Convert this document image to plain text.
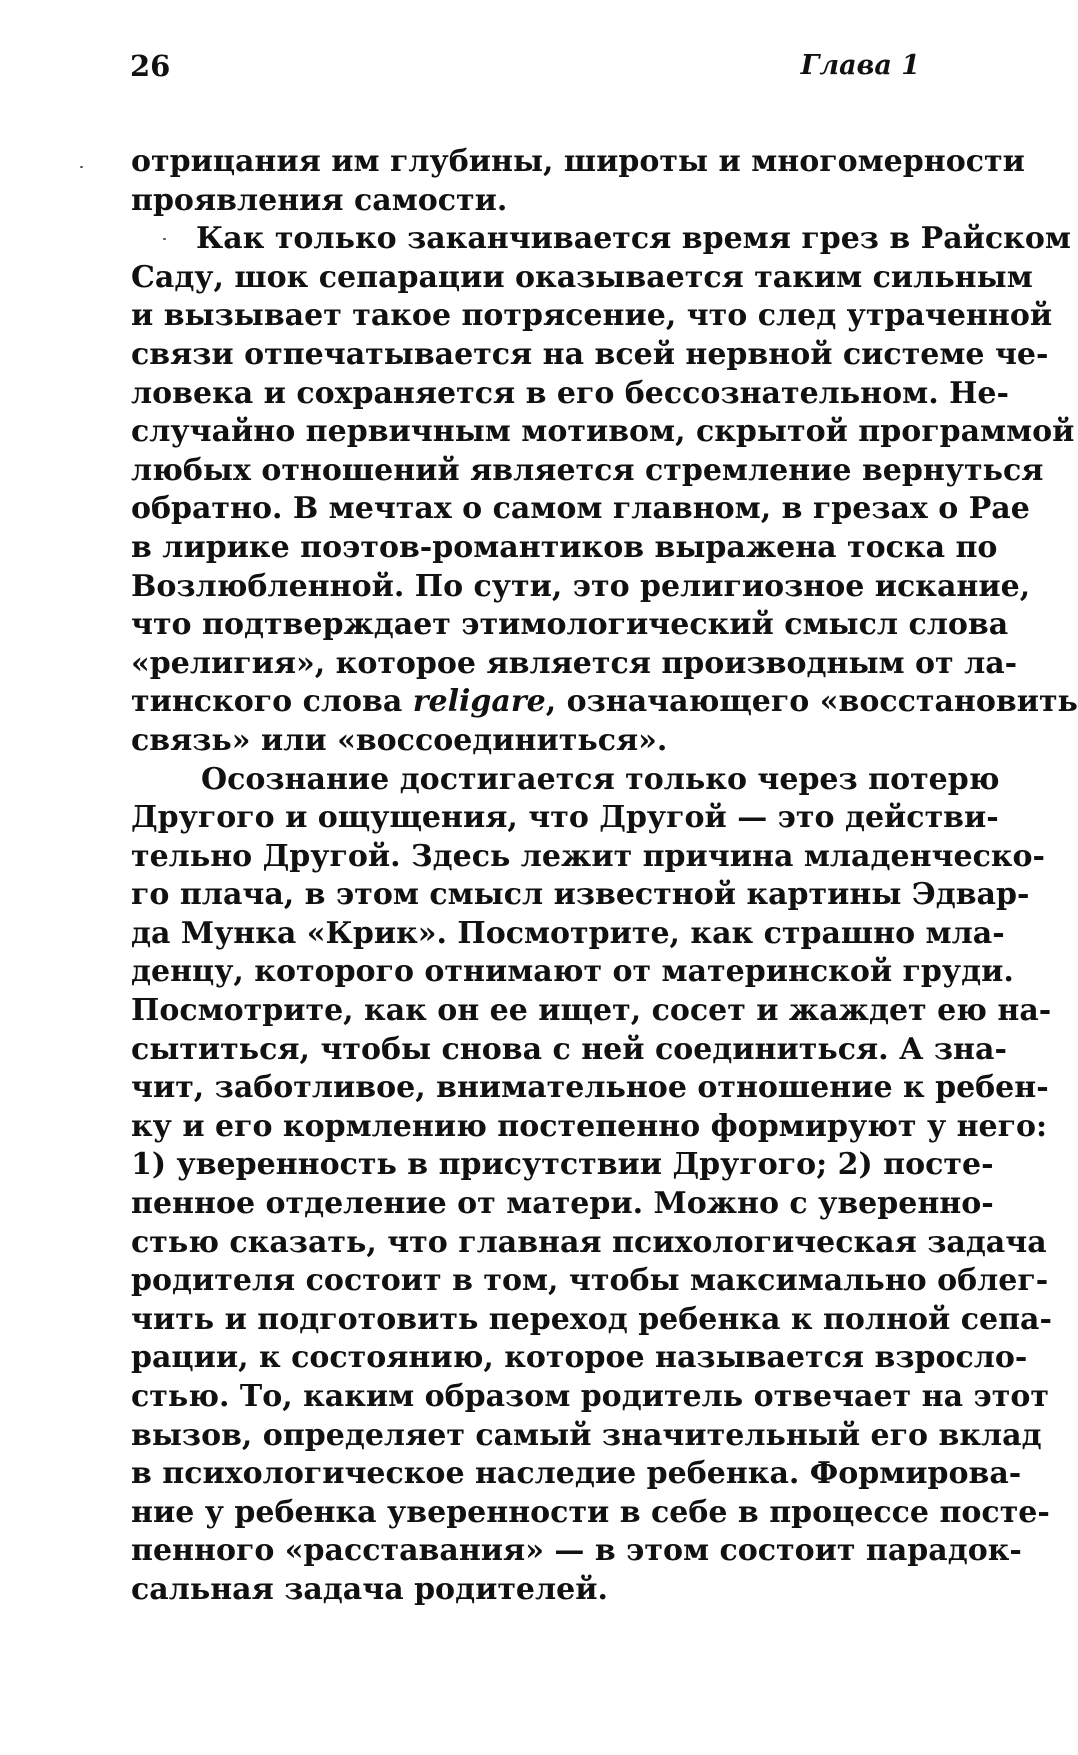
26	Глава 1
отрицания им глубины, широты и многомерности
проявления самости.
Как только заканчивается время грез в Райском
Саду, шок сепарации оказывается таким сильным
и вызывает такое потрясение, что след утраченной
связи отпечатывается на всей нервной системе че-
ловека и сохраняется в его бессознательном. Не-
случайно первичным мотивом, скрытой программой
любых отношений является стремление вернуться
обратно. В мечтах о самом главном, в грезах о Рае
в лирике поэтов-романтиков выражена тоска по
Возлюбленной. По сути, это религиозное искание,
что подтверждает этимологический смысл слова
«религия», которое является производным от ла-
тинского слова religare, означающего «восстановить
связь» или «воссоединиться».
Осознание достигается только через потерю
Другого и ощущения, что Другой — это действи-
тельно Другой. Здесь лежит причина младенческо-
го плача, в этом смысл известной картины Эдвар-
да Мунка «Крик». Посмотрите, как страшно мла-
денцу, которого отнимают от материнской груди.
Посмотрите, как он ее ищет, сосет и жаждет ею на-
сытиться, чтобы снова с ней соединиться. А зна-
чит, заботливое, внимательное отношение к ребен-
ку и его кормлению постепенно формируют у него:
1) уверенность в присутствии Другого; 2) посте-
пенное отделение от матери. Можно с уверенно-
стью сказать, что главная психологическая задача
родителя состоит в том, чтобы максимально облег-
чить и подготовить переход ребенка к полной сепа-
рации, к состоянию, которое называется взросло-
стью. То, каким образом родитель отвечает на этот
вызов, определяет самый значительный его вклад
в психологическое наследие ребенка. Формирова-
ние у ребенка уверенности в себе в процессе посте-
пенного «расставания» — в этом состоит парадок-
сальная задача родителей.
